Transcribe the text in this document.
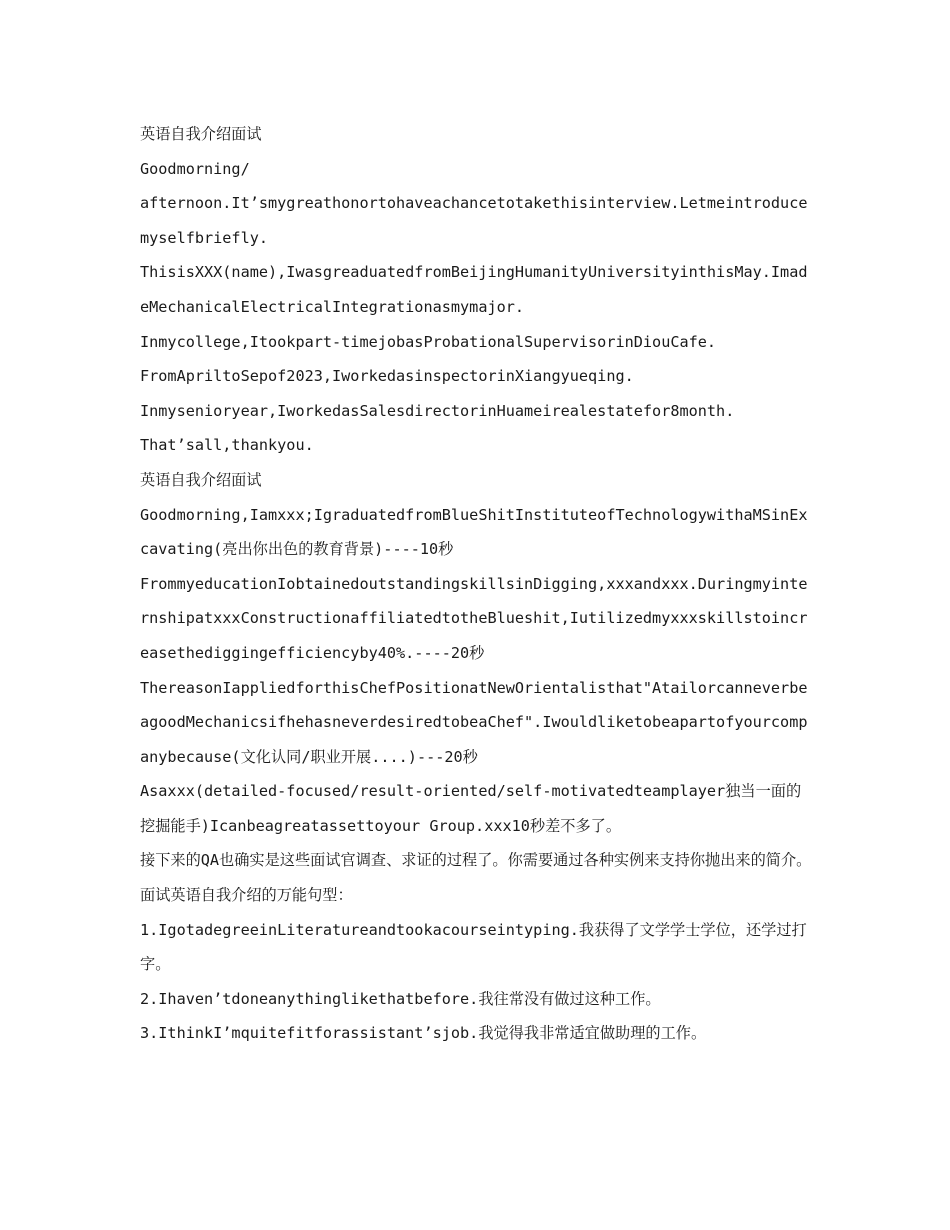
英语自我介绍面试

Goodmorning/

afternoon.It’smygreathonortohaveachancetotakethisinterview.Letmeintroducemyselfbriefly.

ThisisXXX(name),IwasgreaduatedfromBeijingHumanityUniversityinthisMay.ImadeMechanicalElectricalIntegrationasmymajor.

Inmycollege,Itookpart-timejobasProbationalSupervisorinDiouCafe.

FromApriltoSepof2023,IworkedasinspectorinXiangyueqing.

Inmysenioryear,IworkedasSalesdirectorinHuameirealestatefor8month.

That’sall,thankyou.

英语自我介绍面试

Goodmorning,Iamxxx;IgraduatedfromBlueShitInstituteofTechnologywithaMSinExcavating(亮出你出色的教育背景)----10秒

FrommyeducationIobtainedoutstandingskillsinDigging,xxxandxxx.DuringmyinternshipatxxxConstructionaffiliatedtotheBlueshit,Iutilizedmyxxxskillstoincreasethediggingefficiencyby40%.----20秒

ThereasonIappliedforthisChefPositionatNewOrientalisthat"AtailorcanneverbeagoodMechanicsifhehasneverdesiredtobeaChef".Iwouldliketobeapartofyourcompanybecause(文化认同/职业开展....)---20秒

Asaxxx(detailed-focused/result-oriented/self-motivatedteamplayer独当一面的挖掘能手)Icanbeagreatassettoyour Group.xxx10秒差不多了。

接下来的QA也确实是这些面试官调查、求证的过程了。你需要通过各种实例来支持你抛出来的简介。

面试英语自我介绍的万能句型：

1.IgotadegreeinLiteratureandtookacourseintyping.我获得了文学学士学位，还学过打字。

2.Ihaven’tdoneanythinglikethatbefore.我往常没有做过这种工作。

3.IthinkI’mquitefitforassistant’sjob.我觉得我非常适宜做助理的工作。
